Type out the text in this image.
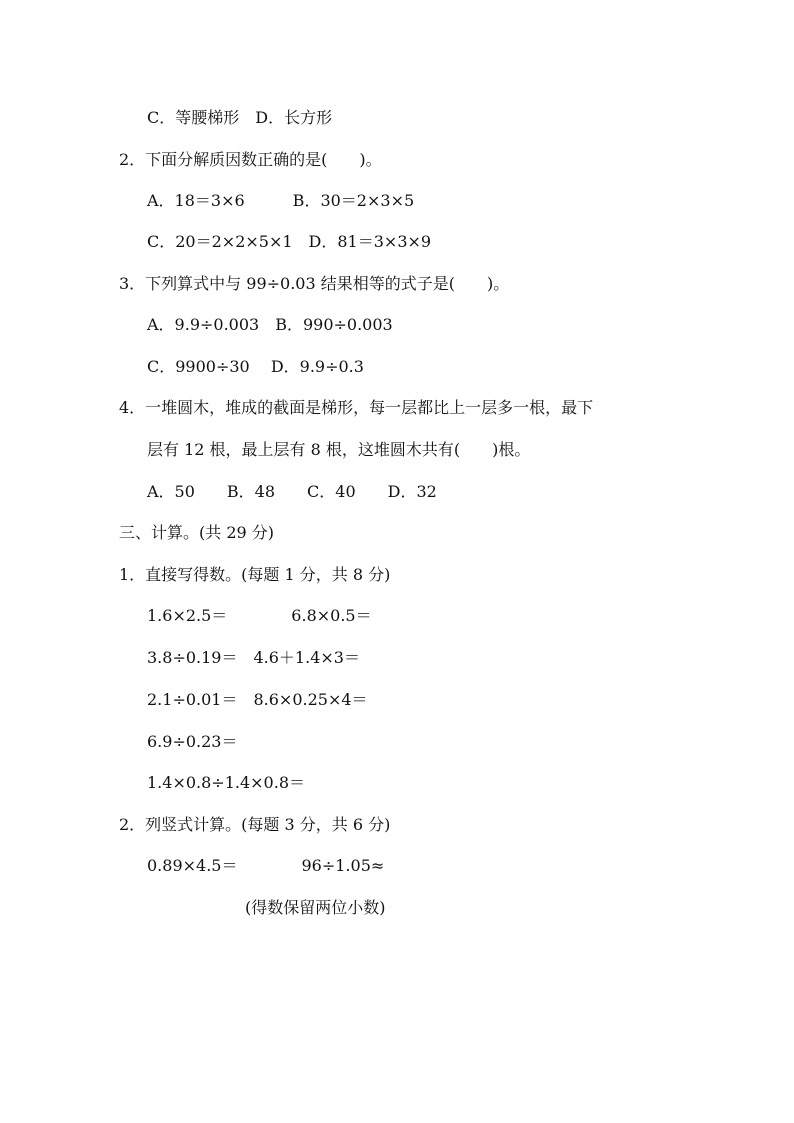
C．等腰梯形　D．长方形

2．下面分解质因数正确的是(　　)。

A．18＝3×6　　　B．30＝2×3×5

C．20＝2×2×5×1　D．81＝3×3×9

3．下列算式中与 99÷0.03 结果相等的式子是(　　)。

A．9.9÷0.003　B．990÷0.003

C．9900÷30　 D．9.9÷0.3

4．一堆圆木，堆成的截面是梯形，每一层都比上一层多一根，最下

层有 12 根，最上层有 8 根，这堆圆木共有(　　)根。

A．50　　B．48　　C．40　　D．32

三、计算。(共 29 分)

1．直接写得数。(每题 1 分，共 8 分)

1.6×2.5＝　　　　6.8×0.5＝

3.8÷0.19＝　4.6＋1.4×3＝

2.1÷0.01＝　8.6×0.25×4＝

6.9÷0.23＝

1.4×0.8÷1.4×0.8＝

2．列竖式计算。(每题 3 分，共 6 分)

0.89×4.5＝　　　　96÷1.05≈

(得数保留两位小数)
